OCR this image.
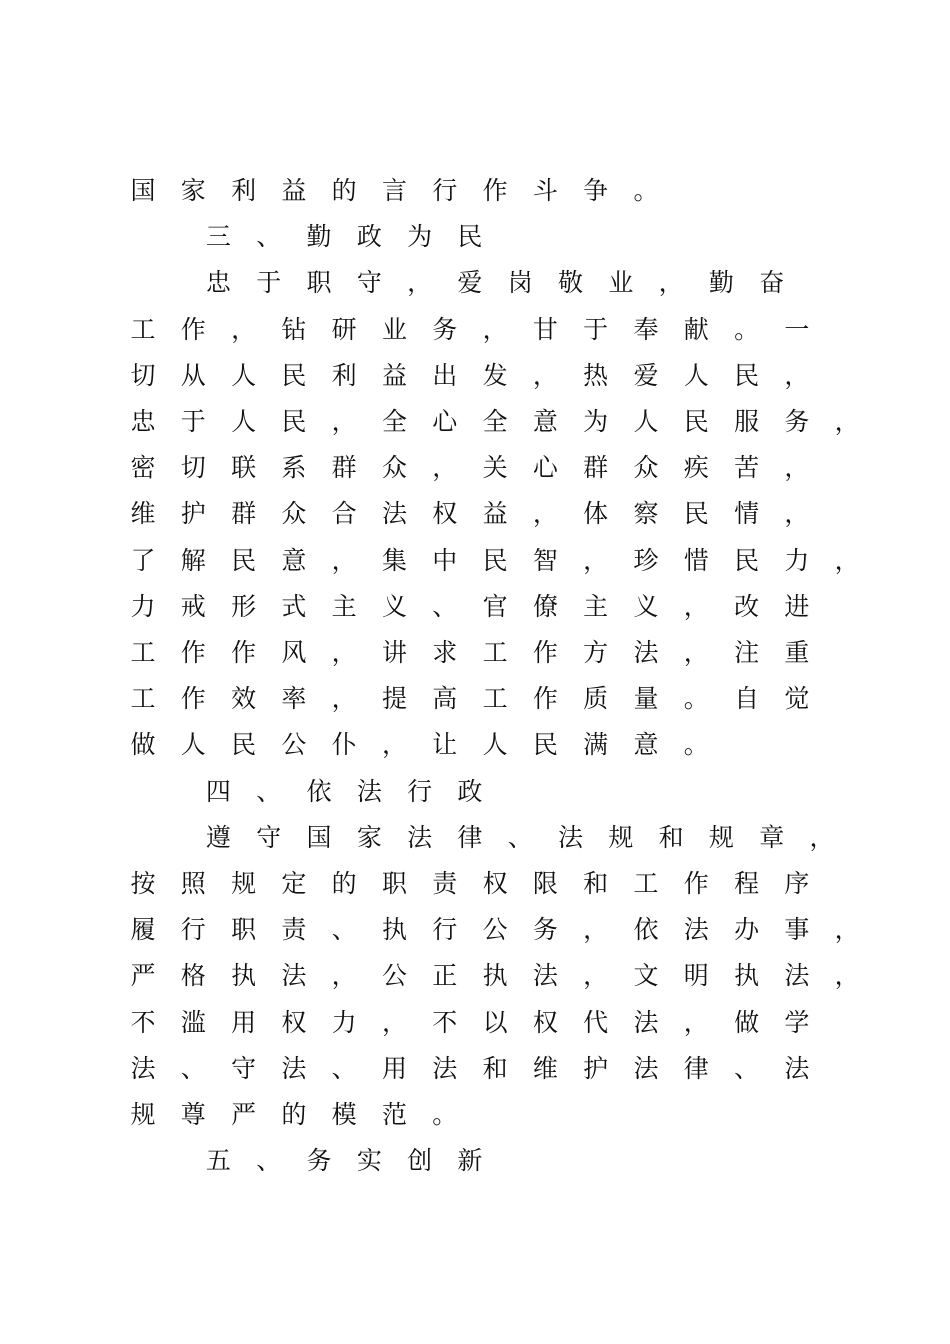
国 家 利 益 的 言 行 作 斗 争 。
三 、 勤 政 为 民
忠 于 职 守 ， 爱 岗 敬 业 ， 勤 奋
工 作 ， 钻 研 业 务 ， 甘 于 奉 献 。 一
切 从 人 民 利 益 出 发 ， 热 爱 人 民 ，
忠 于 人 民 ， 全 心 全 意 为 人 民 服 务 ，
密 切 联 系 群 众 ， 关 心 群 众 疾 苦 ，
维 护 群 众 合 法 权 益 ， 体 察 民 情 ，
了 解 民 意 ， 集 中 民 智 ， 珍 惜 民 力 ，
力 戒 形 式 主 义 、 官 僚 主 义 ， 改 进
工 作 作 风 ， 讲 求 工 作 方 法 ， 注 重
工 作 效 率 ， 提 高 工 作 质 量 。 自 觉
做 人 民 公 仆 ， 让 人 民 满 意 。
四 、 依 法 行 政
遵 守 国 家 法 律 、 法 规 和 规 章 ，
按 照 规 定 的 职 责 权 限 和 工 作 程 序
履 行 职 责 、 执 行 公 务 ， 依 法 办 事 ，
严 格 执 法 ， 公 正 执 法 ， 文 明 执 法 ，
不 滥 用 权 力 ， 不 以 权 代 法 ， 做 学
法 、 守 法 、 用 法 和 维 护 法 律 、 法
规 尊 严 的 模 范 。
五 、 务 实 创 新
